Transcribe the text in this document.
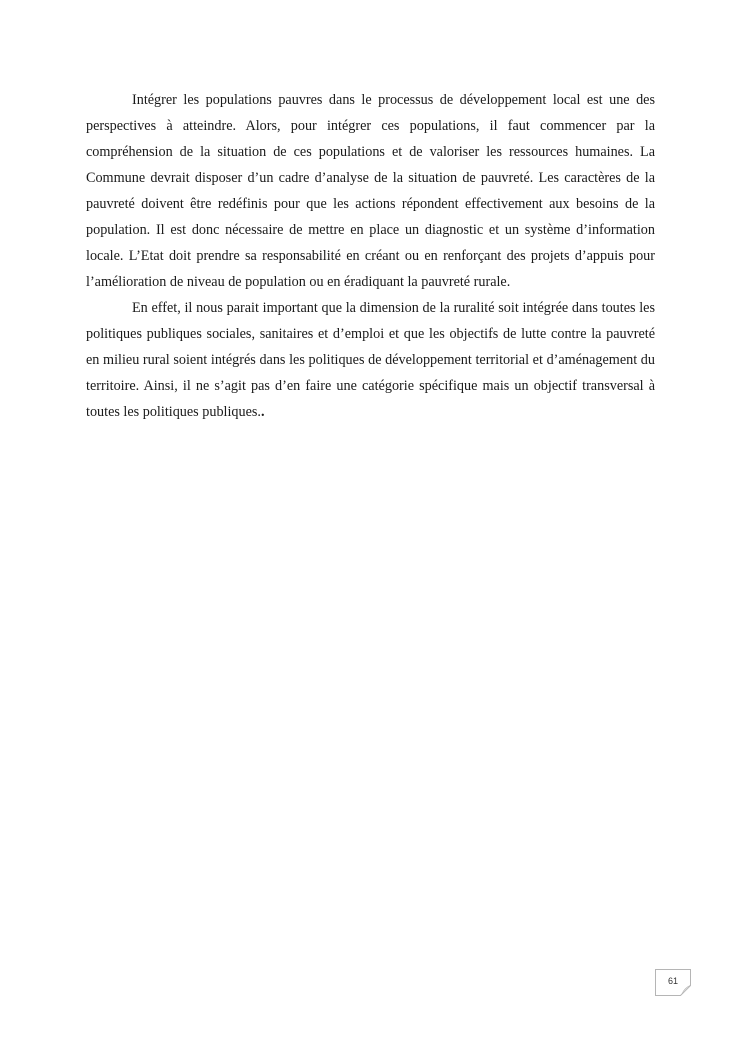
Intégrer les populations pauvres dans le processus de développement local est une des perspectives à atteindre. Alors, pour intégrer ces populations, il faut commencer par la compréhension de la situation de ces populations et de valoriser les ressources humaines. La Commune devrait disposer d’un cadre d’analyse de la situation de pauvreté. Les caractères de la pauvreté doivent être redéfinis pour que les actions répondent effectivement aux besoins de la population. Il est donc nécessaire de mettre en place un diagnostic et un système d’information locale. L’Etat doit prendre sa responsabilité en créant ou en renforçant des projets d’appuis pour l’amélioration de niveau de population ou en éradiquant la pauvreté rurale.

En effet, il nous parait important que la dimension de la ruralité soit intégrée dans toutes les politiques publiques sociales, sanitaires et d’emploi et que les objectifs de lutte contre la pauvreté en milieu rural soient intégrés dans les politiques de développement territorial et d’aménagement du territoire. Ainsi, il ne s’agit pas d’en faire une catégorie spécifique mais un objectif transversal à toutes les politiques publiques..

61
